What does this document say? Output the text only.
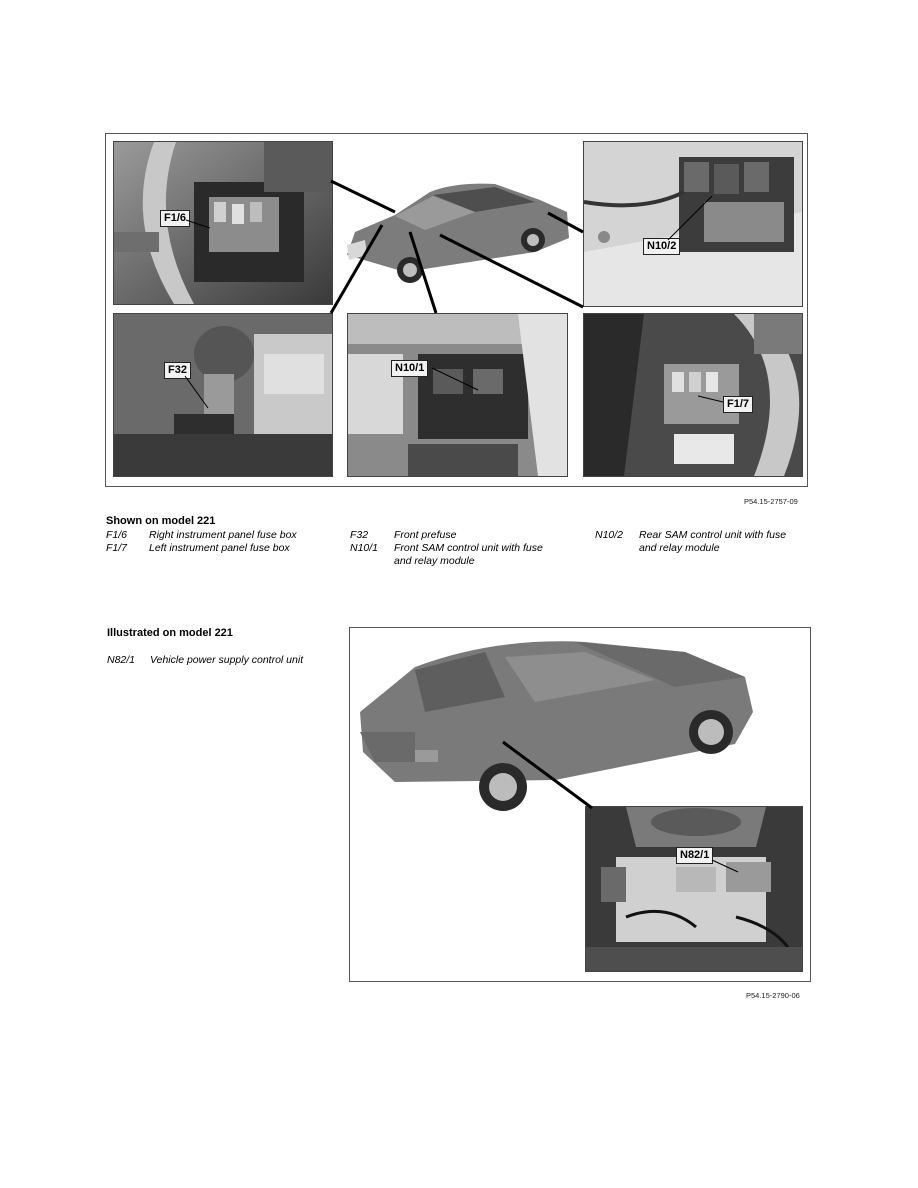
F1/6
N10/2
F32	N10/1
F1/7
P54.15-2757-09
Shown on model 221
F1/6 Right instrument panel fuse box
F1/7 Left instrument panel fuse box
F32 Front prefuse
N10/1 Front SAM control unit with fuse
and relay module
N10/2 Rear SAM control unit with fuse
and relay module
Illustrated on model 221
N82/1 Vehicle power supply control unit
N82/1
P54.15-2790-06
